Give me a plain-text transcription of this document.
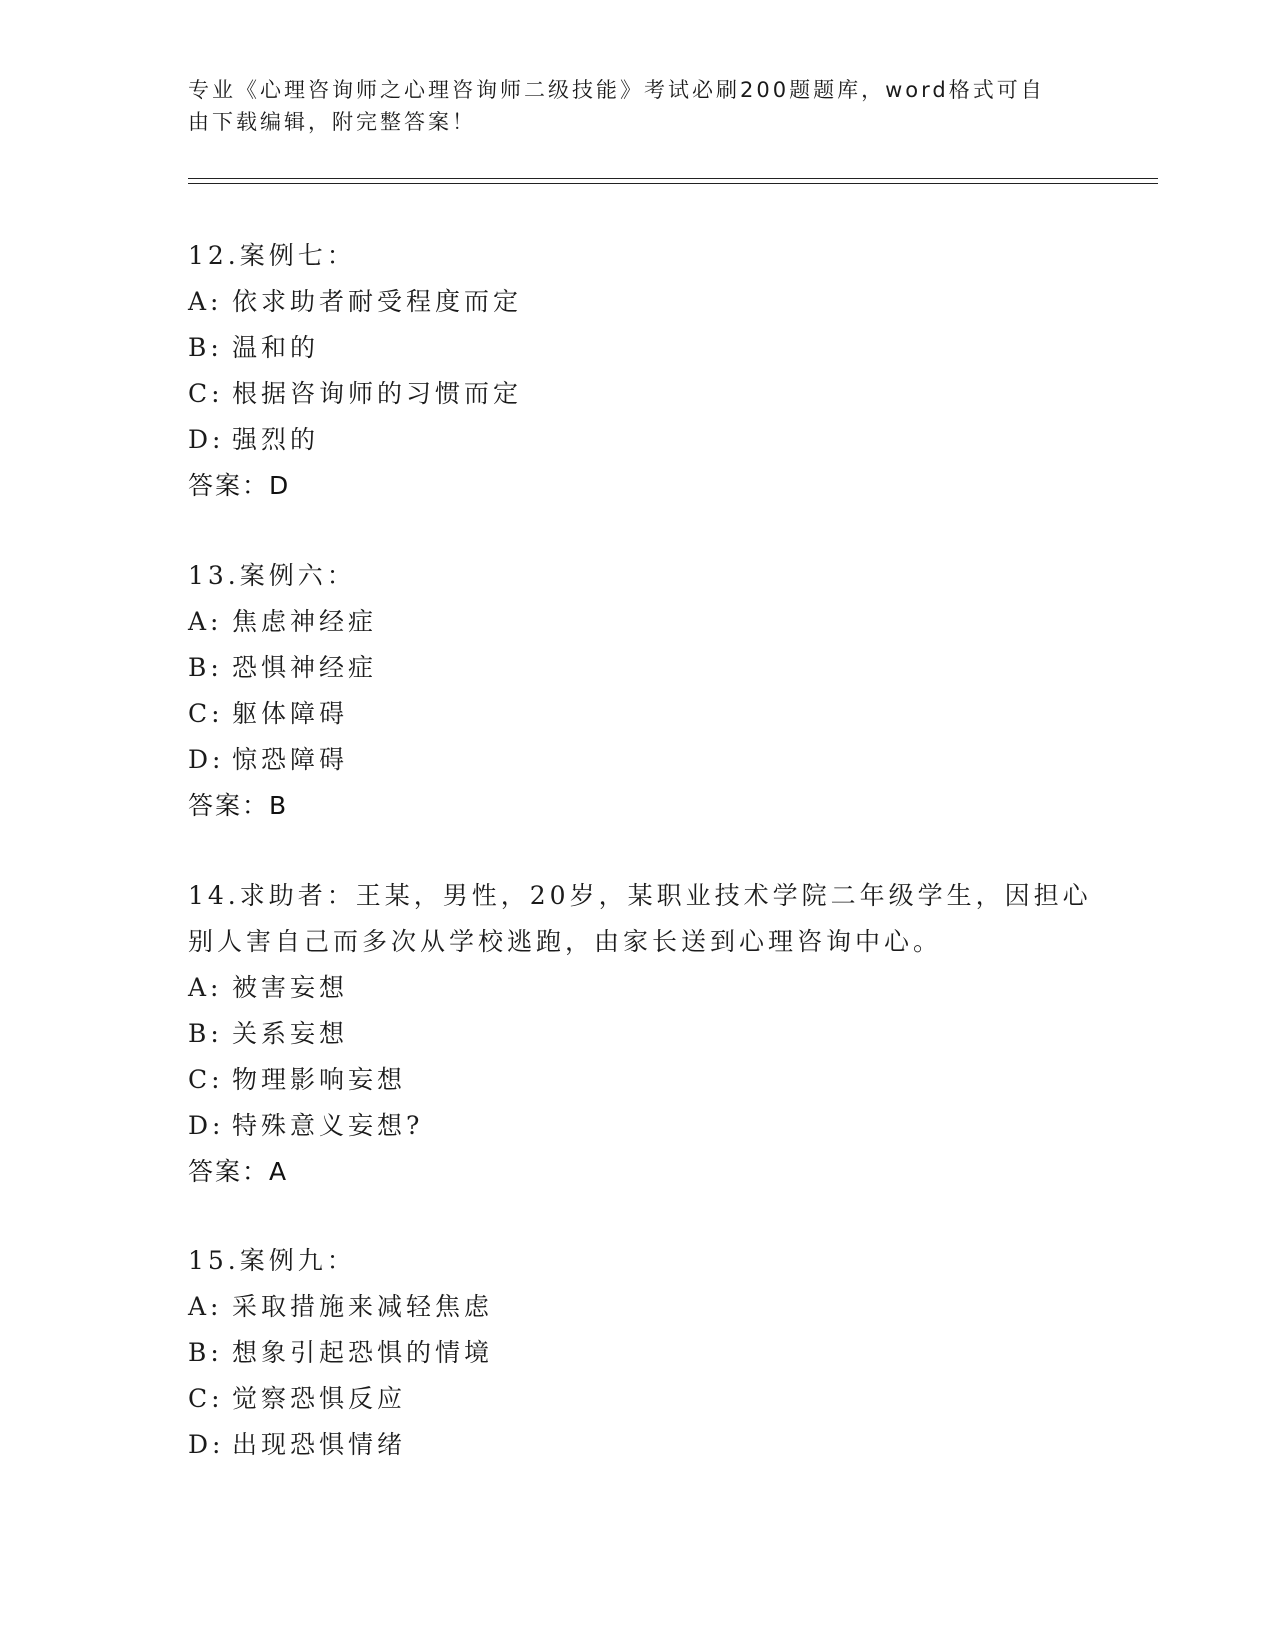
专业《心理咨询师之心理咨询师二级技能》考试必刷200题题库，word格式可自
由下载编辑，附完整答案！
12.案例七：
A: 依求助者耐受程度而定
B: 温和的
C: 根据咨询师的习惯而定
D: 强烈的
答案：D
13.案例六：
A: 焦虑神经症
B: 恐惧神经症
C: 躯体障碍
D: 惊恐障碍
答案：B
14.求助者：王某，男性，20岁，某职业技术学院二年级学生，因担心
别人害自己而多次从学校逃跑，由家长送到心理咨询中心。
A: 被害妄想
B: 关系妄想
C: 物理影响妄想
D: 特殊意义妄想?
答案：A
15.案例九：
A: 采取措施来减轻焦虑
B: 想象引起恐惧的情境
C: 觉察恐惧反应
D: 出现恐惧情绪
